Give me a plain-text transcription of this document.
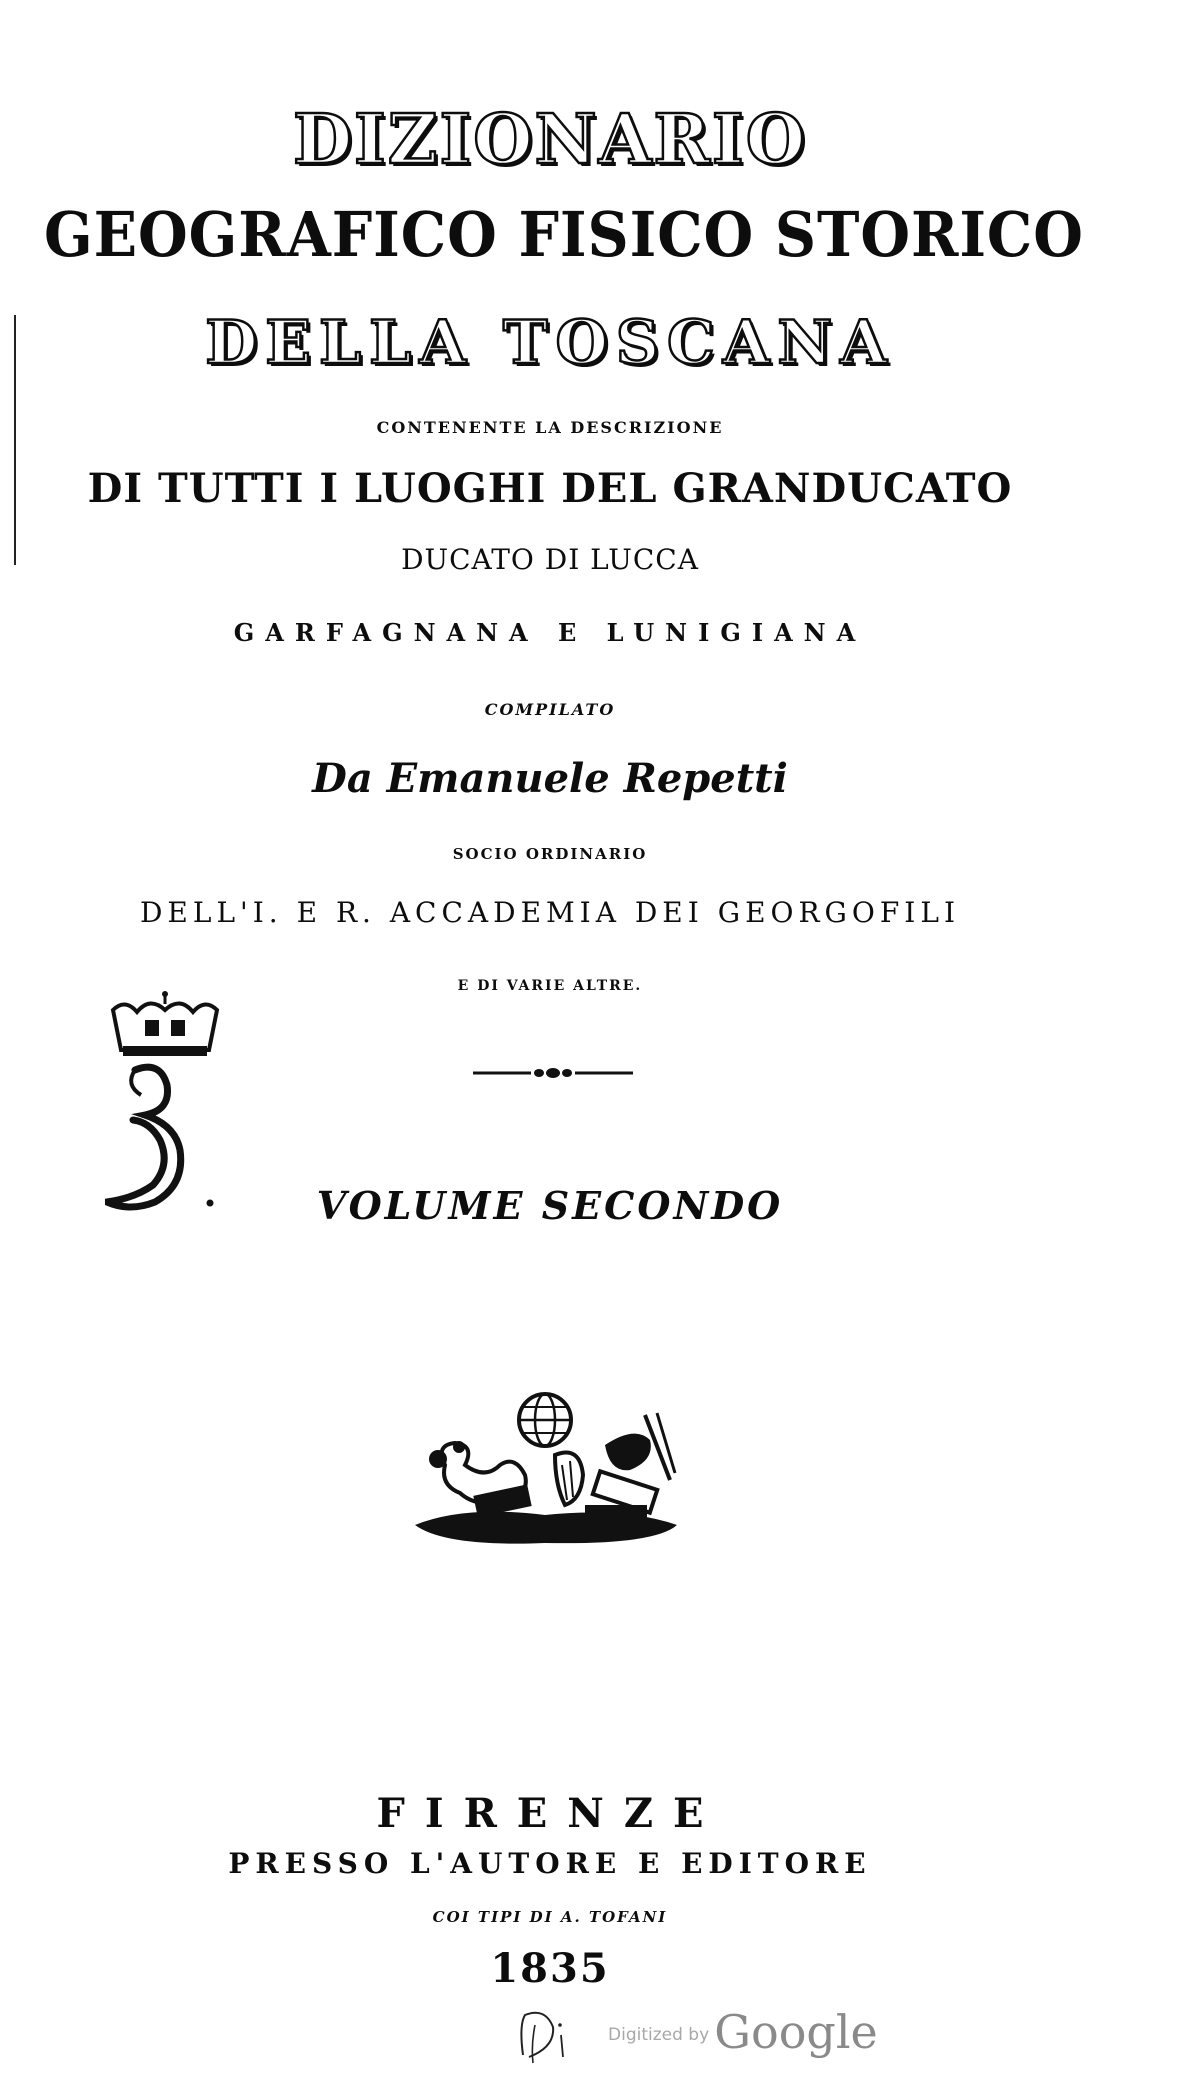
DIZIONARIO
GEOGRAFICO FISICO STORICO
DELLA TOSCANA
CONTENENTE LA DESCRIZIONE
DI TUTTI I LUOGHI DEL GRANDUCATO
DUCATO DI LUCCA
GARFAGNANA E LUNIGIANA
COMPILATO
Da Emanuele Repetti
SOCIO ORDINARIO
DELL'I. E R. ACCADEMIA DEI GEORGOFILI
E DI VARIE ALTRE.
VOLUME SECONDO
FIRENZE
PRESSO L'AUTORE E EDITORE
COI TIPI DI A. TOFANI
1835
Digitized by Google
